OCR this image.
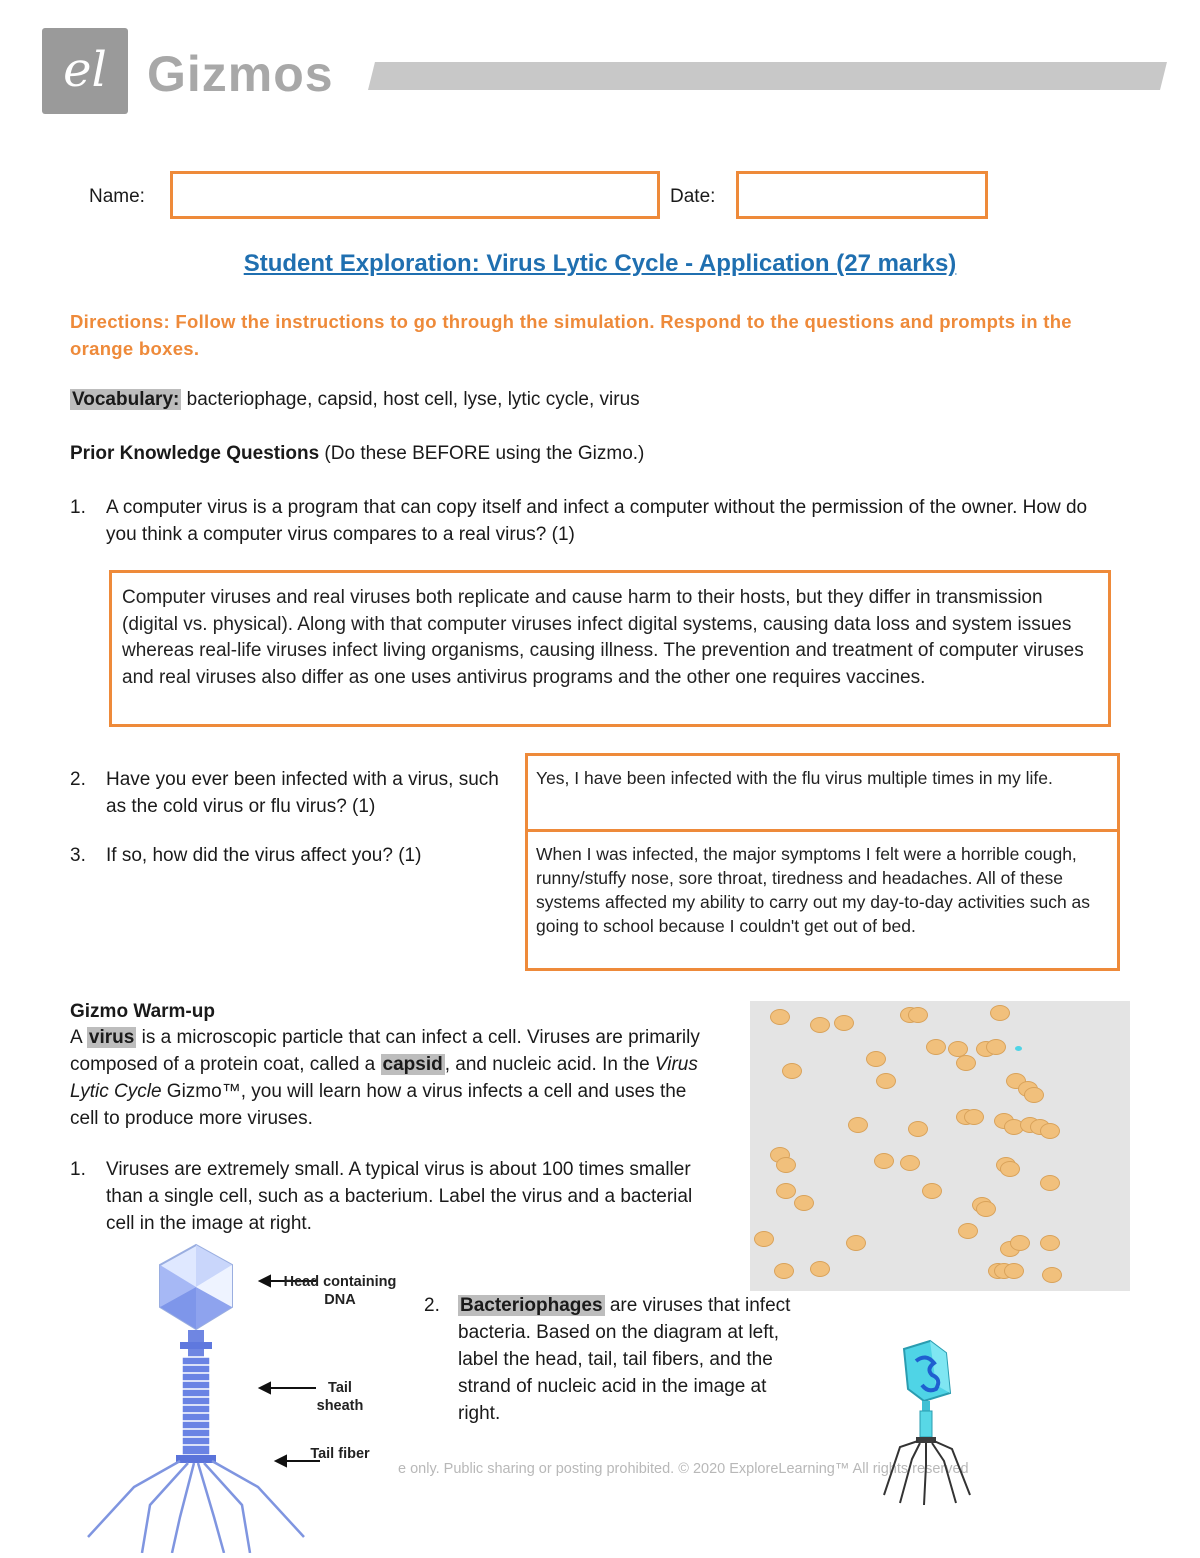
el Gizmos
Name:	Date:
Student Exploration: Virus Lytic Cycle - Application (27 marks)
Directions: Follow the instructions to go through the simulation. Respond to the questions and prompts in the orange boxes.
Vocabulary: bacteriophage, capsid, host cell, lyse, lytic cycle, virus
Prior Knowledge Questions (Do these BEFORE using the Gizmo.)
1. A computer virus is a program that can copy itself and infect a computer without the permission of the owner. How do you think a computer virus compares to a real virus? (1)
Computer viruses and real viruses both replicate and cause harm to their hosts, but they differ in transmission (digital vs. physical). Along with that computer viruses infect digital systems, causing data loss and system issues whereas real-life viruses infect living organisms, causing illness. The prevention and treatment of computer viruses and real viruses also differ as one uses antivirus programs and the other one requires vaccines.
2. Have you ever been infected with a virus, such as the cold virus or flu virus? (1)
Yes, I have been infected with the flu virus multiple times in my life.
3. If so, how did the virus affect you? (1)	When I was infected, the major symptoms I felt were a horrible cough, runny/stuffy nose, sore throat, tiredness and headaches. All of these systems affected my ability to carry out my day-to-day activities such as going to school because I couldn't get out of bed.
Gizmo Warm-up
A virus is a microscopic particle that can infect a cell. Viruses are primarily composed of a protein coat, called a capsid , and nucleic acid. In the Virus Lytic Cycle Gizmo™, you will learn how a virus infects a cell and uses the cell to produce more viruses.
1. Viruses are extremely small. A typical virus is about 100 times smaller than a single cell, such as a bacterium. Label the virus and a bacterial cell in the image at right.
Head containing DNA
Tail sheath
Tail fiber
2. Bacteriophages are viruses that infect bacteria. Based on the diagram at left, label the head, tail, tail fibers, and the strand of nucleic acid in the image at right.
e only. Public sharing or posting prohibited. © 2020 ExploreLearning™ All rights reserved
